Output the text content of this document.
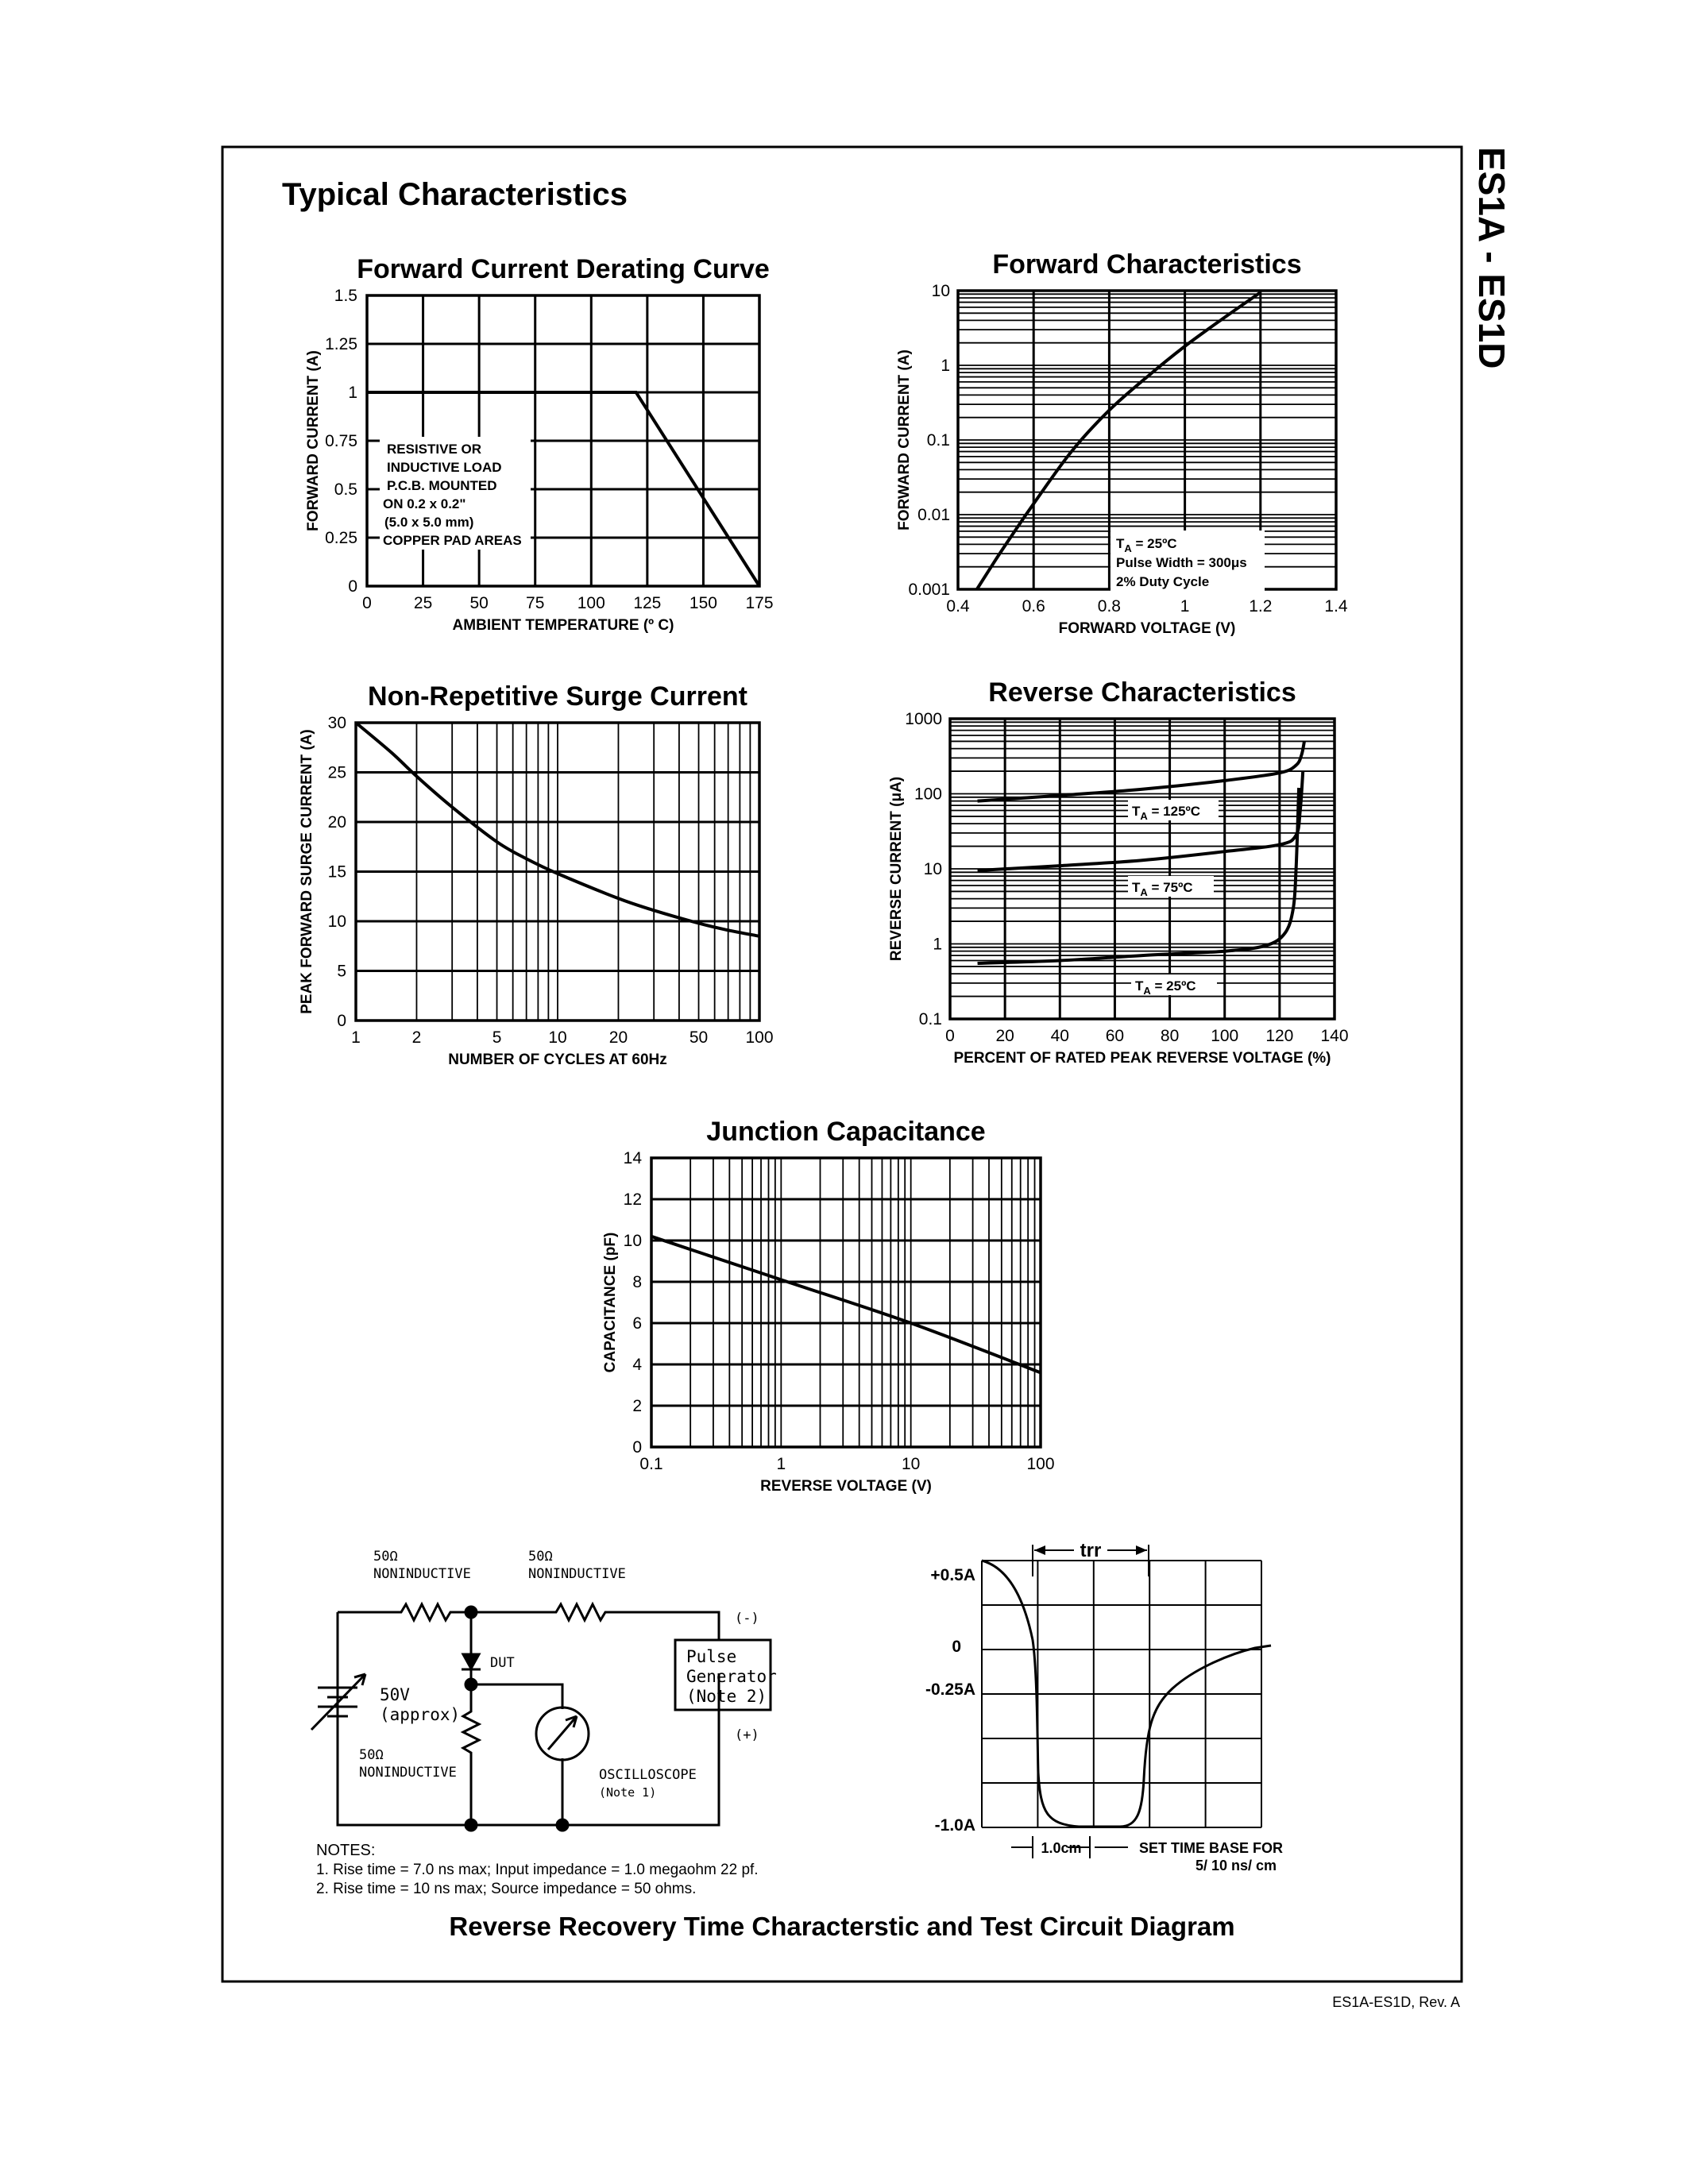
Typical Characteristics	ES1A - ES1D
ES1A-ES1D, Rev. A
0	25 50 75 100 125 150 175
0
0.25
0.5
0.75
1
1.25
1.5
Forward Current Derating Curve
AMBIENT TEMPERATURE (º C)
FORWARD CURRENT (A)
0.4	0.6	0.8	1	1.2	1.4
0.001
0.01
0.1
1
10
Forward Characteristics
FORWARD VOLTAGE (V)
FORWARD CURRENT (A)
1	2	5	10	20	50 100
0
5
10
15
20
25
30
Non-Repetitive Surge Current
NUMBER OF CYCLES AT 60Hz
PEAK FORWARD SURGE CURRENT (A)
0 20 40 60 80 100 120 140
0.1
1
10
100
1000
Reverse Characteristics
PERCENT OF RATED PEAK REVERSE VOLTAGE (%)
REVERSE CURRENT (μA)
0.1	1	10	100
0
2
4
6
8
10
12
14
Junction Capacitance
REVERSE VOLTAGE (V)
CAPACITANCE (pF)
RESISTIVE OR
INDUCTIVE LOAD
P.C.B. MOUNTED
ON 0.2 x 0.2"
(5.0 x 5.0 mm)
COPPER PAD AREAS	$T_A$ = 25ºC
Pulse Width = 300μs
2% Duty Cycle
$T_A$ = 125ºC
$T_A$ = 75ºC
$T_A$ = 25ºC
50Ω
NONINDUCTIVE
50Ω
NONINDUCTIVE
50Ω
NONINDUCTIVE
DUT
50V
(approx)
Pulse
Generator
(Note 2)
(-)
(+)
OSCILLOSCOPE
(Note 1)
NOTES:
1. Rise time = 7.0 ns max; Input impedance = 1.0 megaohm 22 pf.
2. Rise time = 10 ns max; Source impedance = 50 ohms.
trr
+0.5A
0
-0.25A
-1.0A
1.0cm	SET TIME BASE FOR
5/ 10 ns/ cm
Reverse Recovery Time Characterstic and Test Circuit Diagram
